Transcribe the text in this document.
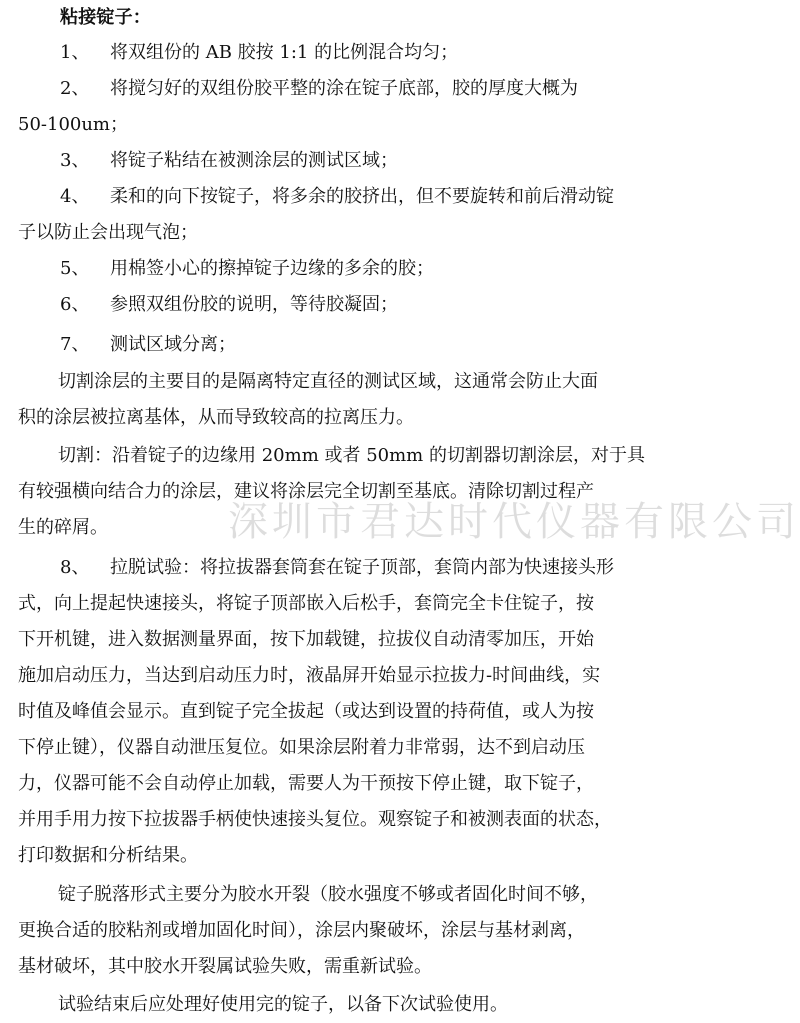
粘接锭子：
1、 将双组份的 AB 胶按 1:1 的比例混合均匀；
2、 将搅匀好的双组份胶平整的涂在锭子底部，胶的厚度大概为
50-100um；
3、 将锭子粘结在被测涂层的测试区域；
4、 柔和的向下按锭子，将多余的胶挤出，但不要旋转和前后滑动锭
子以防止会出现气泡；
5、 用棉签小心的擦掉锭子边缘的多余的胶；
6、 参照双组份胶的说明，等待胶凝固；
7、 测试区域分离；
切割涂层的主要目的是隔离特定直径的测试区域，这通常会防止大面
积的涂层被拉离基体，从而导致较高的拉离压力。
切割：沿着锭子的边缘用 20mm 或者 50mm 的切割器切割涂层，对于具
有较强横向结合力的涂层，建议将涂层完全切割至基底。清除切割过程产
生的碎屑。
8、 拉脱试验：将拉拔器套筒套在锭子顶部，套筒内部为快速接头形
式，向上提起快速接头，将锭子顶部嵌入后松手，套筒完全卡住锭子，按
下开机键，进入数据测量界面，按下加载键，拉拔仪自动清零加压，开始
施加启动压力，当达到启动压力时，液晶屏开始显示拉拔力-时间曲线，实
时值及峰值会显示。直到锭子完全拔起（或达到设置的持荷值，或人为按
下停止键），仪器自动泄压复位。如果涂层附着力非常弱，达不到启动压
力，仪器可能不会自动停止加载，需要人为干预按下停止键，取下锭子，
并用手用力按下拉拔器手柄使快速接头复位。观察锭子和被测表面的状态，
打印数据和分析结果。
锭子脱落形式主要分为胶水开裂（胶水强度不够或者固化时间不够，
更换合适的胶粘剂或增加固化时间），涂层内聚破坏，涂层与基材剥离，
基材破坏，其中胶水开裂属试验失败，需重新试验。
试验结束后应处理好使用完的锭子，以备下次试验使用。
深圳市君达时代仪器有限公司
